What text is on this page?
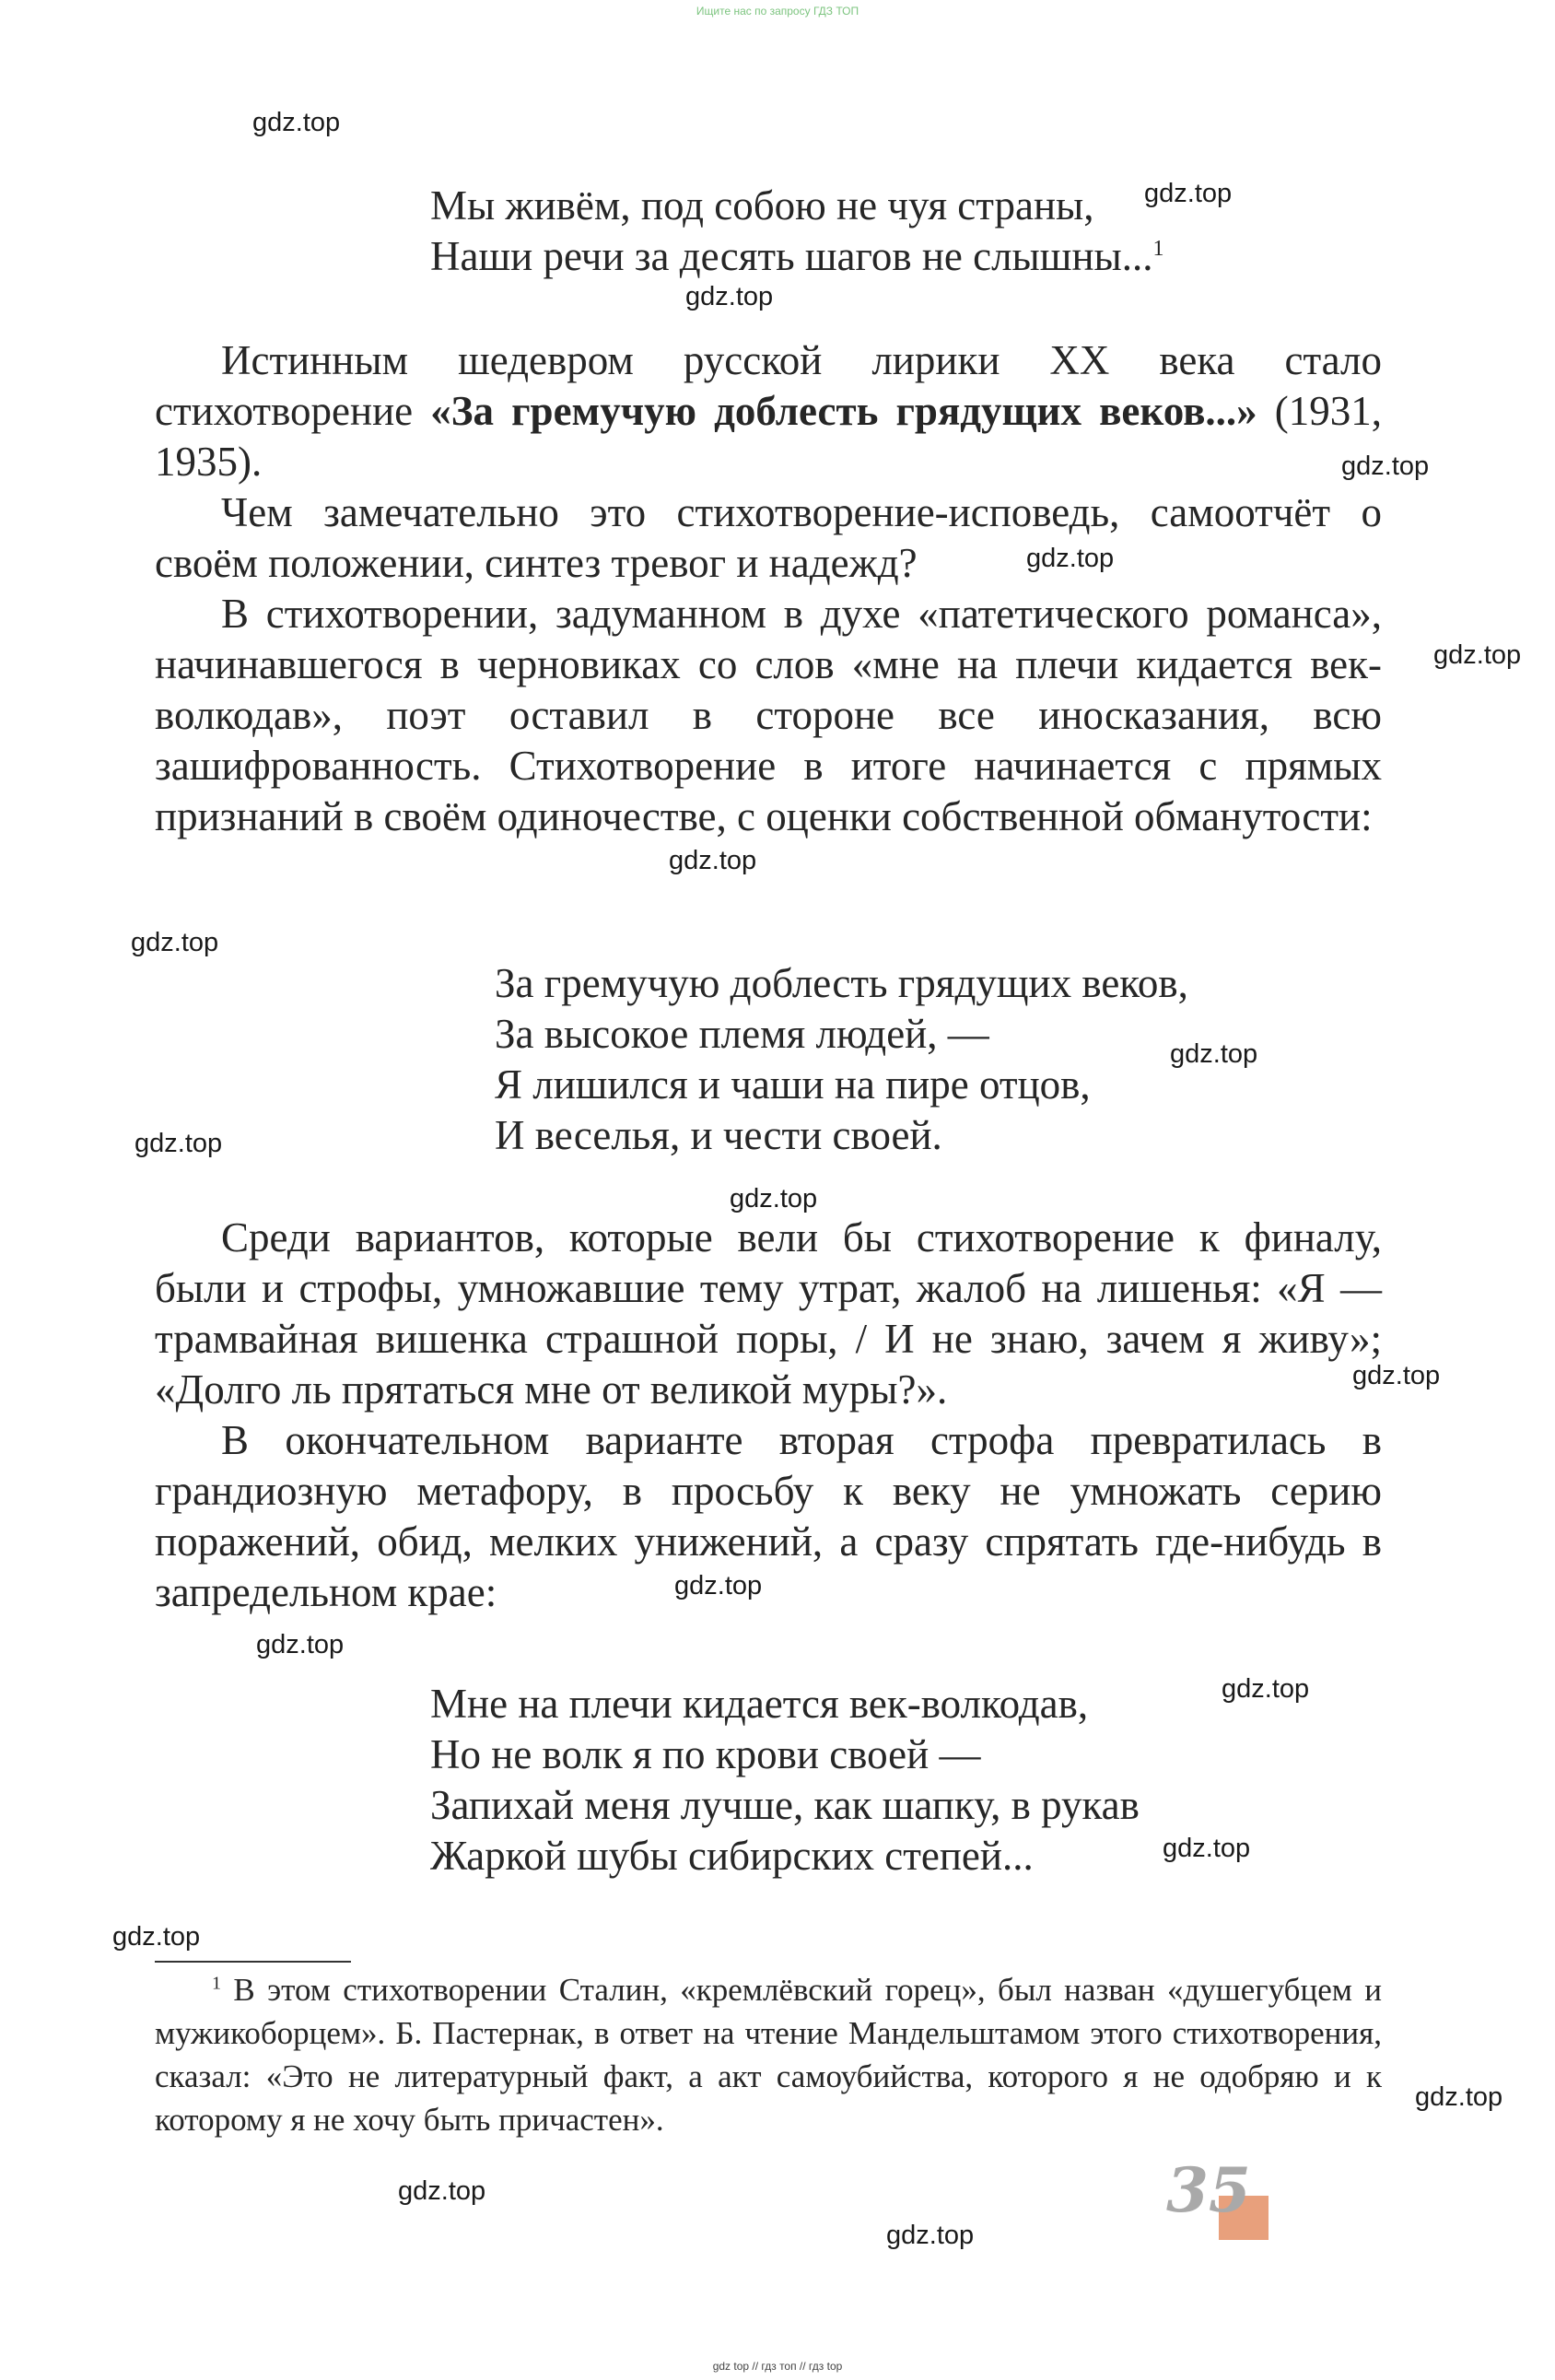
Ищите нас по запросу ГДЗ ТОП
Мы живём, под собою не чуя страны,
Наши речи за десять шагов не слышны...$^1$
Истинным шедевром русской лирики XX века стало стихотворение «За гремучую доблесть грядущих веков...» (1931, 1935).
Чем замечательно это стихотворение-исповедь, самоотчёт о своём положении, синтез тревог и надежд?
В стихотворении, задуманном в духе «патетического романса», начинавшегося в черновиках со слов «мне на плечи кидается век-волкодав», поэт оставил в стороне все иносказания, всю зашифрованность. Стихотворение в итоге начинается с прямых признаний в своём одиночестве, с оценки собственной обманутости:
За гремучую доблесть грядущих веков,
За высокое племя людей, —
Я лишился и чаши на пире отцов,
И веселья, и чести своей.
Среди вариантов, которые вели бы стихотворение к финалу, были и строфы, умножавшие тему утрат, жалоб на лишенья: «Я — трамвайная вишенка страшной поры, / И не знаю, зачем я живу»; «Долго ль прятаться мне от великой муры?».
В окончательном варианте вторая строфа превратилась в грандиозную метафору, в просьбу к веку не умножать серию поражений, обид, мелких унижений, а сразу спрятать где-нибудь в запредельном крае:
Мне на плечи кидается век-волкодав,
Но не волк я по крови своей —
Запихай меня лучше, как шапку, в рукав
Жаркой шубы сибирских степей...
$^1$ В этом стихотворении Сталин, «кремлёвский горец», был назван «душегубцем и мужикоборцем». Б. Пастернак, в ответ на чтение Мандельштамом этого стихотворения, сказал: «Это не литературный факт, а акт самоубийства, которого я не одобряю и к которому я не хочу быть причастен».
35
gdz top // гдз топ // гдз top
gdz.top
gdz.top
gdz.top
gdz.top
gdz.top
gdz.top
gdz.top
gdz.top
gdz.top
gdz.top
gdz.top
gdz.top
gdz.top
gdz.top
gdz.top
gdz.top
gdz.top
gdz.top
gdz.top
gdz.top
